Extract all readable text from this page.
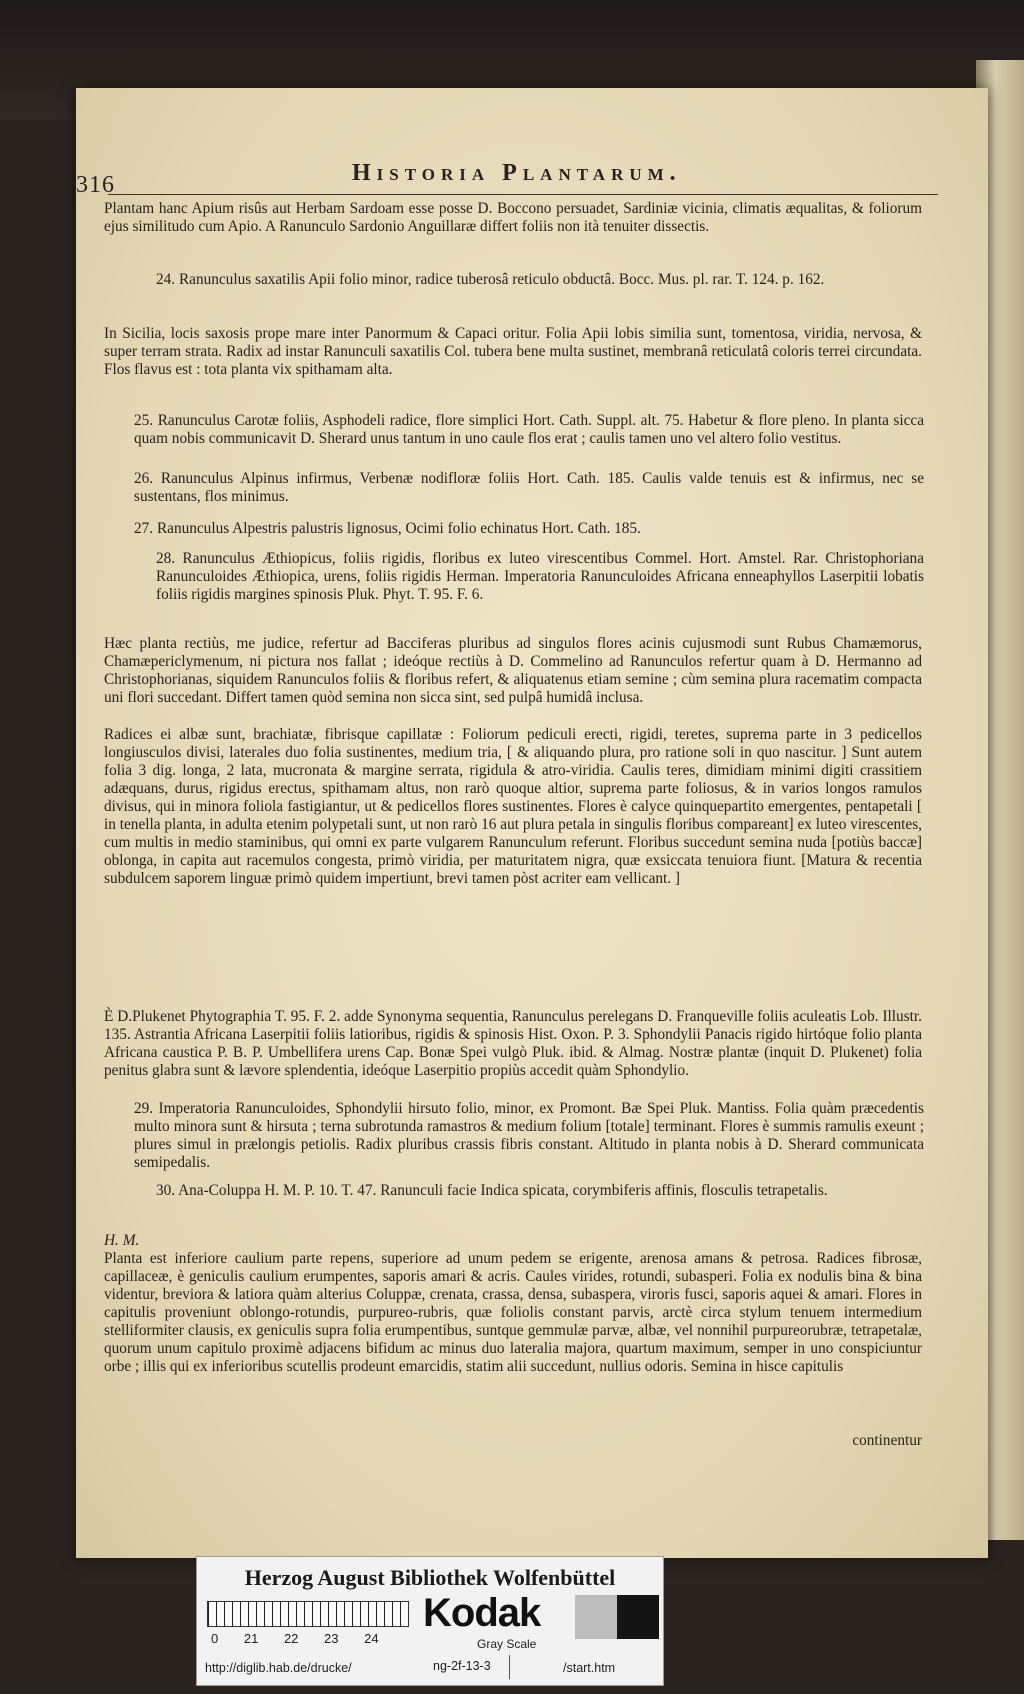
316	Historia Plantarum.
Plantam hanc Apium risûs aut Herbam Sardoam esse posse D. Boccono persuadet, Sardiniæ vicinia, climatis æqualitas, & foliorum ejus similitudo cum Apio. A Ranunculo Sardonio Anguillaræ differt foliis non ità tenuiter dissectis.
24. Ranunculus saxatilis Apii folio minor, radice tuberosâ reticulo obductâ. Bocc. Mus. pl. rar. T. 124. p. 162.
In Sicilia, locis saxosis prope mare inter Panormum & Capaci oritur. Folia Apii lobis similia sunt, tomentosa, viridia, nervosa, & super terram strata. Radix ad instar Ranunculi saxatilis Col. tubera bene multa sustinet, membranâ reticulatâ coloris terrei circundata. Flos flavus est : tota planta vix spithamam alta.
25. Ranunculus Carotæ foliis, Asphodeli radice, flore simplici Hort. Cath. Suppl. alt. 75. Habetur & flore pleno. In planta sicca quam nobis communicavit D. Sherard unus tantum in uno caule flos erat ; caulis tamen uno vel altero folio vestitus.
26. Ranunculus Alpinus infirmus, Verbenæ nodifloræ foliis Hort. Cath. 185. Caulis valde tenuis est & infirmus, nec se sustentans, flos minimus.
27. Ranunculus Alpestris palustris lignosus, Ocimi folio echinatus Hort. Cath. 185.
28. Ranunculus Æthiopicus, foliis rigidis, floribus ex luteo virescentibus Commel. Hort. Amstel. Rar. Christophoriana Ranunculoides Æthiopica, urens, foliis rigidis Herman. Imperatoria Ranunculoides Africana enneaphyllos Laserpitii lobatis foliis rigidis margines spinosis Pluk. Phyt. T. 95. F. 6.
Hæc planta rectiùs, me judice, refertur ad Bacciferas pluribus ad singulos flores acinis cujusmodi sunt Rubus Chamæmorus, Chamæpericlymenum, ni pictura nos fallat ; ideóque rectiùs à D. Commelino ad Ranunculos refertur quam à D. Hermanno ad Christophorianas, siquidem Ranunculos foliis & floribus refert, & aliquatenus etiam semine ; cùm semina plura racematim compacta uni flori succedant. Differt tamen quòd semina non sicca sint, sed pulpâ humidâ inclusa.
Radices ei albæ sunt, brachiatæ, fibrisque capillatæ : Foliorum pediculi erecti, rigidi, teretes, suprema parte in 3 pedicellos longiusculos divisi, laterales duo folia sustinentes, medium tria, [ & aliquando plura, pro ratione soli in quo nascitur. ] Sunt autem folia 3 dig. longa, 2 lata, mucronata & margine serrata, rigidula & atro-viridia. Caulis teres, dimidiam minimi digiti crassitiem adæquans, durus, rigidus erectus, spithamam altus, non rarò quoque altior, suprema parte foliosus, & in varios longos ramulos divisus, qui in minora foliola fastigiantur, ut & pedicellos flores sustinentes. Flores è calyce quinquepartito emergentes, pentapetali [ in tenella planta, in adulta etenim polypetali sunt, ut non rarò 16 aut plura petala in singulis floribus compareant] ex luteo virescentes, cum multis in medio staminibus, qui omni ex parte vulgarem Ranunculum referunt. Floribus succedunt semina nuda [potiùs baccæ] oblonga, in capita aut racemulos congesta, primò viridia, per maturitatem nigra, quæ exsiccata tenuiora fiunt. [Matura & recentia subdulcem saporem linguæ primò quidem impertiunt, brevi tamen pòst acriter eam vellicant. ]
È D.Plukenet Phytographia T. 95. F. 2. adde Synonyma sequentia, Ranunculus perelegans D. Franqueville foliis aculeatis Lob. Illustr. 135. Astrantia Africana Laserpitii foliis latioribus, rigidis & spinosis Hist. Oxon. P. 3. Sphondylii Panacis rigido hirtóque folio planta Africana caustica P. B. P. Umbellifera urens Cap. Bonæ Spei vulgò Pluk. ibid. & Almag. Nostræ plantæ (inquit D. Plukenet) folia penitus glabra sunt & lævore splendentia, ideóque Laserpitio propiùs accedit quàm Sphondylio.
29. Imperatoria Ranunculoides, Sphondylii hirsuto folio, minor, ex Promont. Bæ Spei Pluk. Mantiss. Folia quàm præcedentis multo minora sunt & hirsuta ; terna subrotunda ramastros & medium folium [totale] terminant. Flores è summis ramulis exeunt ; plures simul in prælongis petiolis. Radix pluribus crassis fibris constant. Altitudo in planta nobis à D. Sherard communicata semipedalis.
30. Ana-Coluppa H. M. P. 10. T. 47. Ranunculi facie Indica spicata, corymbiferis affinis, flosculis tetrapetalis.
H. M.
Planta est inferiore caulium parte repens, superiore ad unum pedem se erigente, arenosa amans & petrosa. Radices fibrosæ, capillaceæ, è geniculis caulium erumpentes, saporis amari & acris. Caules virides, rotundi, subasperi. Folia ex nodulis bina & bina videntur, breviora & latiora quàm alterius Coluppæ, crenata, crassa, densa, subaspera, viroris fusci, saporis aquei & amari. Flores in capitulis proveniunt oblongo-rotundis, purpureo-rubris, quæ foliolis constant parvis, arctè circa stylum tenuem intermedium stelliformiter clausis, ex geniculis supra folia erumpentibus, suntque gemmulæ parvæ, albæ, vel nonnihil purpureorubræ, tetrapetalæ, quorum unum capitulo proximè adjacens bifidum ac minus duo lateralia majora, quartum maximum, semper in uno conspiciuntur orbe ; illis qui ex inferioribus scutellis prodeunt emarcidis, statim alii succedunt, nullius odoris. Semina in hisce capitulis
continentur
Herzog August Bibliothek Wolfenbüttel
0 21 22 23 24
Kodak
Gray Scale
http://diglib.hab.de/drucke/	ng-2f-13-3	/start.htm
